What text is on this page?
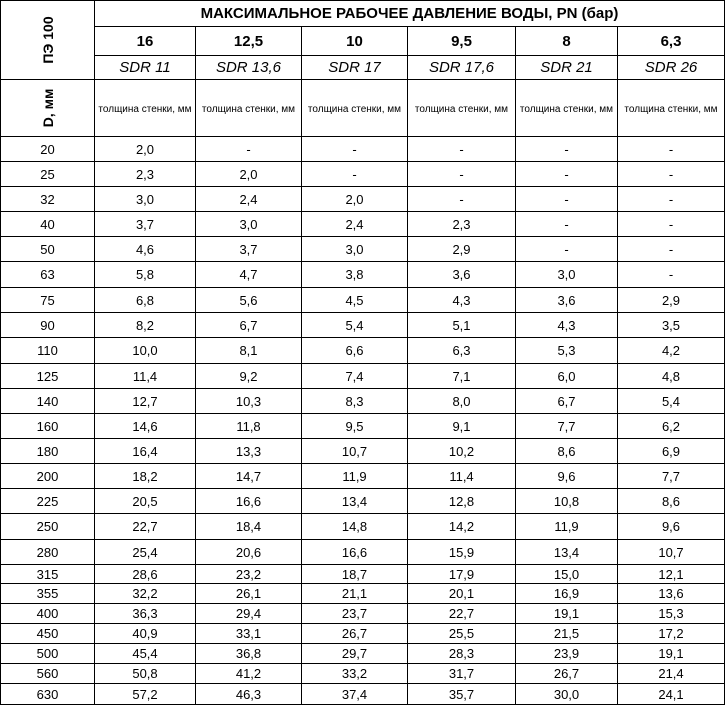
ПЭ 100	МАКСИМАЛЬНОЕ РАБОЧЕЕ ДАВЛЕНИЕ ВОДЫ, PN (бар)					
	16	12,5	10	9,5	8	6,3
	SDR 11	SDR 13,6	SDR 17	SDR 17,6	SDR 21	SDR 26

D, мм	толщина стенки, мм	толщина стенки, мм	толщина стенки, мм	толщина стенки, мм	толщина стенки, мм	толщина стенки, мм
20	2,0	-	-	-	-	-
25	2,3	2,0	-	-	-	-
32	3,0	2,4	2,0	-	-	-
40	3,7	3,0	2,4	2,3	-	-
50	4,6	3,7	3,0	2,9	-	-
63	5,8	4,7	3,8	3,6	3,0	-
75	6,8	5,6	4,5	4,3	3,6	2,9
90	8,2	6,7	5,4	5,1	4,3	3,5
110	10,0	8,1	6,6	6,3	5,3	4,2
125	11,4	9,2	7,4	7,1	6,0	4,8
140	12,7	10,3	8,3	8,0	6,7	5,4
160	14,6	11,8	9,5	9,1	7,7	6,2
180	16,4	13,3	10,7	10,2	8,6	6,9
200	18,2	14,7	11,9	11,4	9,6	7,7
225	20,5	16,6	13,4	12,8	10,8	8,6
250	22,7	18,4	14,8	14,2	11,9	9,6
280	25,4	20,6	16,6	15,9	13,4	10,7
315	28,6	23,2	18,7	17,9	15,0	12,1
355	32,2	26,1	21,1	20,1	16,9	13,6
400	36,3	29,4	23,7	22,7	19,1	15,3
450	40,9	33,1	26,7	25,5	21,5	17,2
500	45,4	36,8	29,7	28,3	23,9	19,1
560	50,8	41,2	33,2	31,7	26,7	21,4
630	57,2	46,3	37,4	35,7	30,0	24,1
